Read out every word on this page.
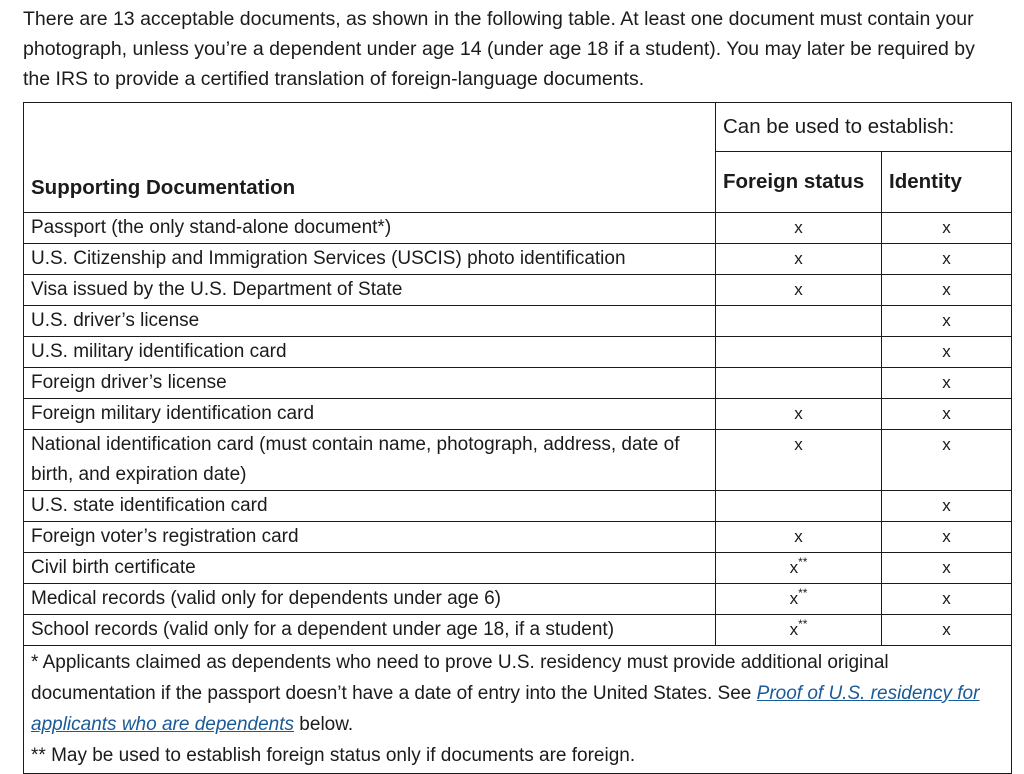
There are 13 acceptable documents, as shown in the following table. At least one document must contain your photograph, unless you’re a dependent under age 14 (under age 18 if a student). You may later be required by the IRS to provide a certified translation of foreign-language documents.

	Can be used to establish:	
Supporting Documentation	Foreign status	Identity
Passport (the only stand-alone document*)	x	x
U.S. Citizenship and Immigration Services (USCIS) photo identification	x	x
Visa issued by the U.S. Department of State	x	x
U.S. driver’s license		x
U.S. military identification card		x
Foreign driver’s license		x
Foreign military identification card	x	x
National identification card (must contain name, photograph, address, date of birth, and expiration date)	x	x
U.S. state identification card		x
Foreign voter’s registration card	x	x
Civil birth certificate	x**	x
Medical records (valid only for dependents under age 6)	x**	x
School records (valid only for a dependent under age 18, if a student)	x**	x

* Applicants claimed as dependents who need to prove U.S. residency must provide additional original documentation if the passport doesn’t have a date of entry into the United States. See Proof of U.S. residency for applicants who are dependents below.
** May be used to establish foreign status only if documents are foreign.		
